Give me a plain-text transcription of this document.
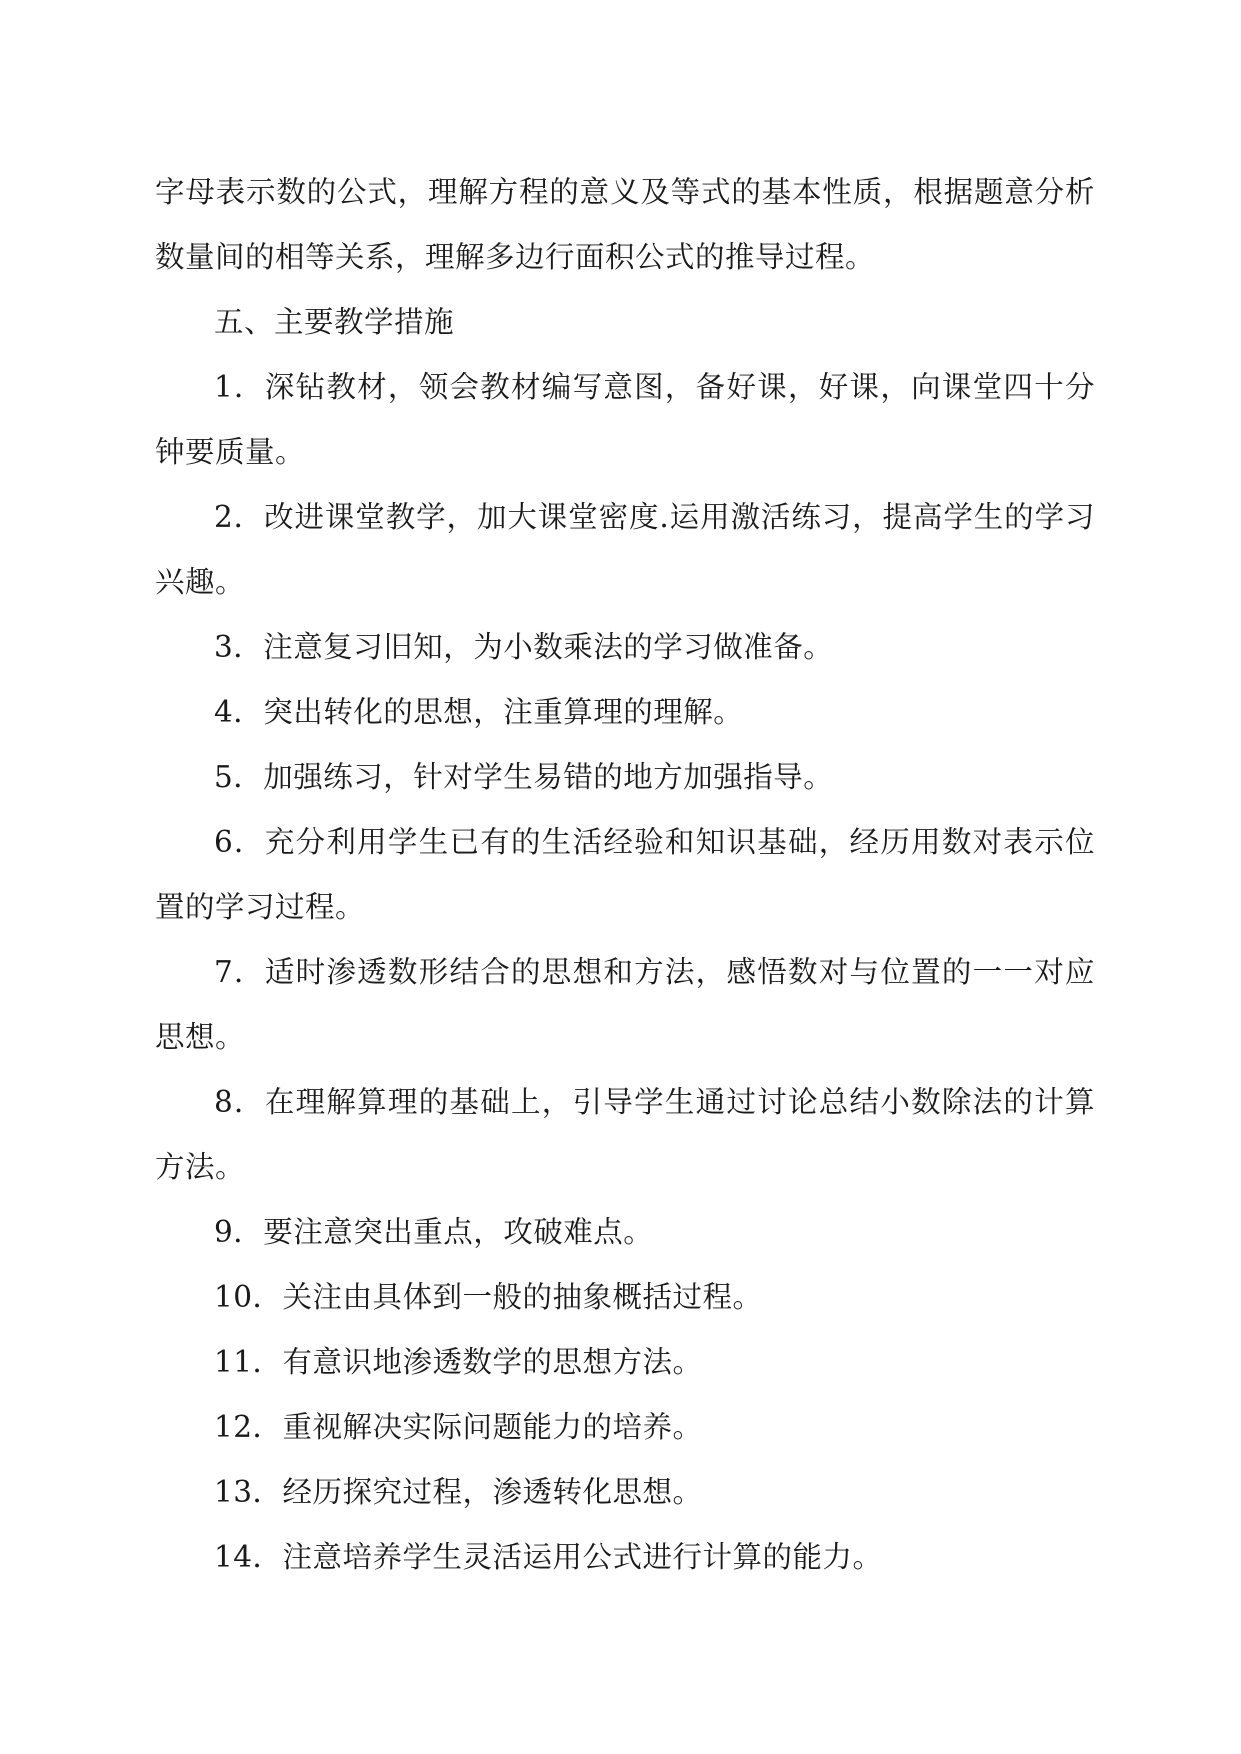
字母表示数的公式，理解方程的意义及等式的基本性质，根据题意分析数量间的相等关系，理解多边行面积公式的推导过程。

五、主要教学措施

1．深钻教材，领会教材编写意图，备好课，好课，向课堂四十分钟要质量。

2．改进课堂教学，加大课堂密度.运用激活练习，提高学生的学习兴趣。

3．注意复习旧知，为小数乘法的学习做准备。

4．突出转化的思想，注重算理的理解。

5．加强练习，针对学生易错的地方加强指导。

6．充分利用学生已有的生活经验和知识基础，经历用数对表示位置的学习过程。

7．适时渗透数形结合的思想和方法，感悟数对与位置的一一对应思想。

8．在理解算理的基础上，引导学生通过讨论总结小数除法的计算方法。

9．要注意突出重点，攻破难点。

10．关注由具体到一般的抽象概括过程。

11．有意识地渗透数学的思想方法。

12．重视解决实际问题能力的培养。

13．经历探究过程，渗透转化思想。

14．注意培养学生灵活运用公式进行计算的能力。
